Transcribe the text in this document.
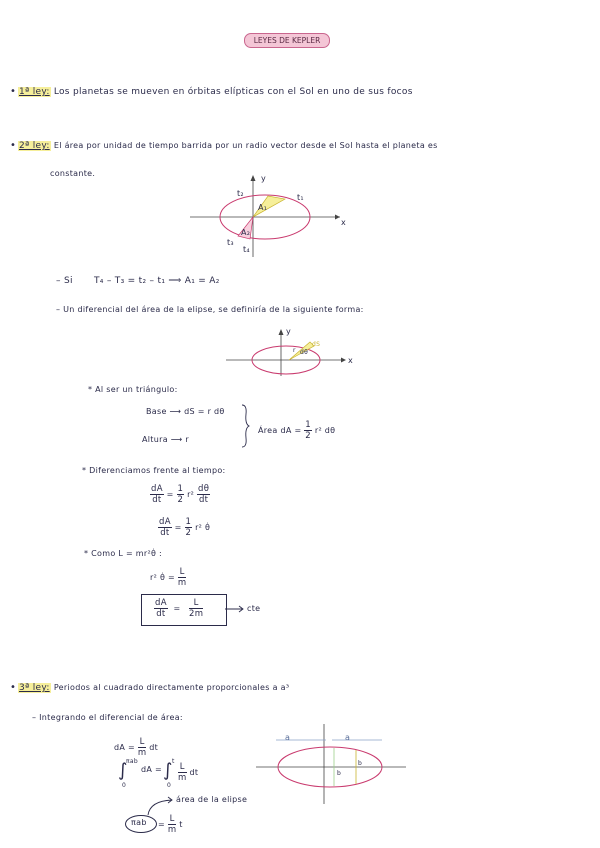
LEYES DE KEPLER
• 1ª ley: Los planetas se mueven en órbitas elípticas con el Sol en uno de sus focos
• 2ª ley: El área por unidad de tiempo barrida por un radio vector desde el Sol hasta el planeta es
constante.
t₂	t₁
y
x
A₁
A₂
t₃
t₄
– Si T₄ – T₃ = t₂ – t₁ ⟹ A₁ = A₂
– Un diferencial del área de la elipse, se definiría de la siguiente forma:
y
x
r
dS
dθ
* Al ser un triángulo:
Base ⟶ dS = r dθ
Altura ⟶ r
Área dA = $\frac{1}{2} r^2$ dθ
* Diferenciamos frente al tiempo:
$\frac{dA}{dt} = \frac{1}{2} r^2 \frac{d\theta}{dt}$
$\frac{dA}{dt} = \frac{1}{2} r^2$ θ̇
* Como L = mr²θ̇ :
r² θ̇ = $\frac{L}{m}$
$\frac{dA}{dt} = \frac{L}{2m}$	cte
• 3ª ley: Periodos al cuadrado directamente proporcionales a a³
– Integrando el diferencial de área:
a	a
b
b
dA = $\frac{L}{m}$ dt
∫
πab
0
dA = ∫ t
0
$\frac{L}{m}$ dt
área de la elipse
$\pi ab = \frac{L}{m}$ t
